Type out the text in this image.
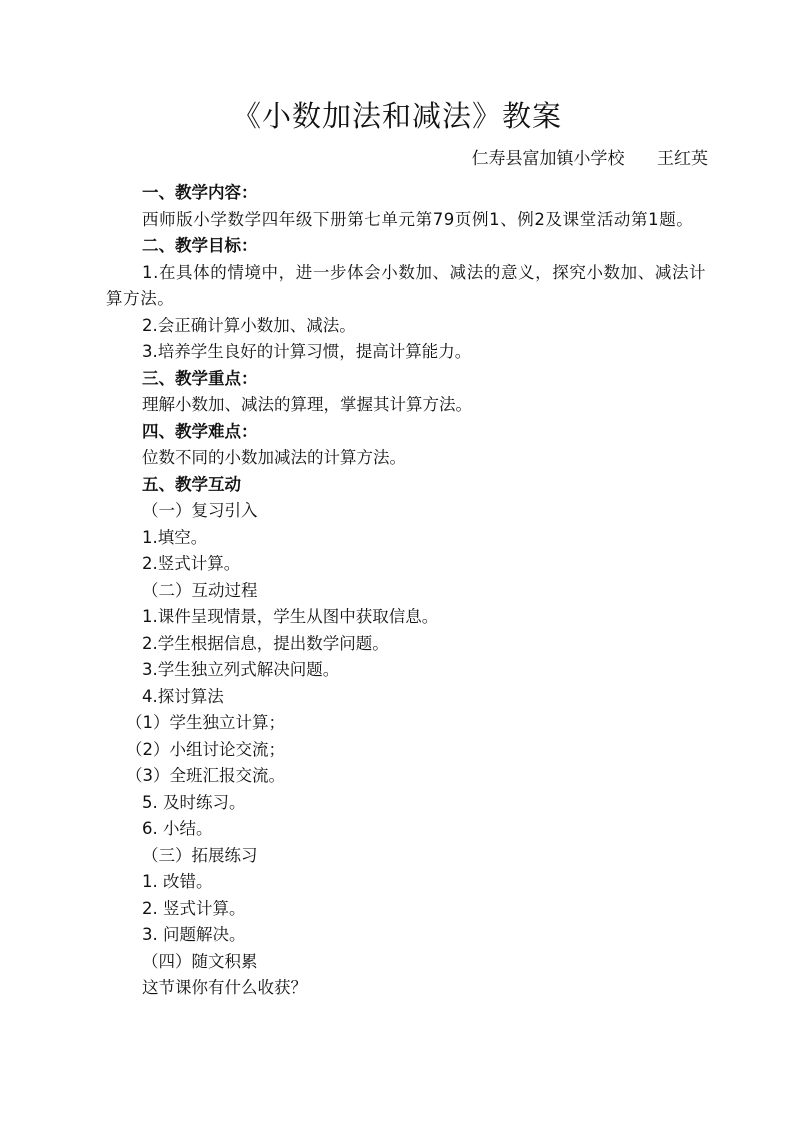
《小数加法和减法》教案
仁寿县富加镇小学校      王红英
一、教学内容：
西师版小学数学四年级下册第七单元第79页例1、例2及课堂活动第1题。
二、教学目标：
1.在具体的情境中，进一步体会小数加、减法的意义，探究小数加、减法计算方法。
2.会正确计算小数加、减法。
3.培养学生良好的计算习惯，提高计算能力。
三、教学重点：
理解小数加、减法的算理，掌握其计算方法。
四、教学难点：
位数不同的小数加减法的计算方法。
五、教学互动
（一）复习引入
1.填空。
2.竖式计算。
（二）互动过程
1.课件呈现情景，学生从图中获取信息。
2.学生根据信息，提出数学问题。
3.学生独立列式解决问题。
4.探讨算法
（1）学生独立计算；
（2）小组讨论交流；
（3）全班汇报交流。
5. 及时练习。
6. 小结。
（三）拓展练习
1. 改错。
2. 竖式计算。
3. 问题解决。
（四）随文积累
这节课你有什么收获？
